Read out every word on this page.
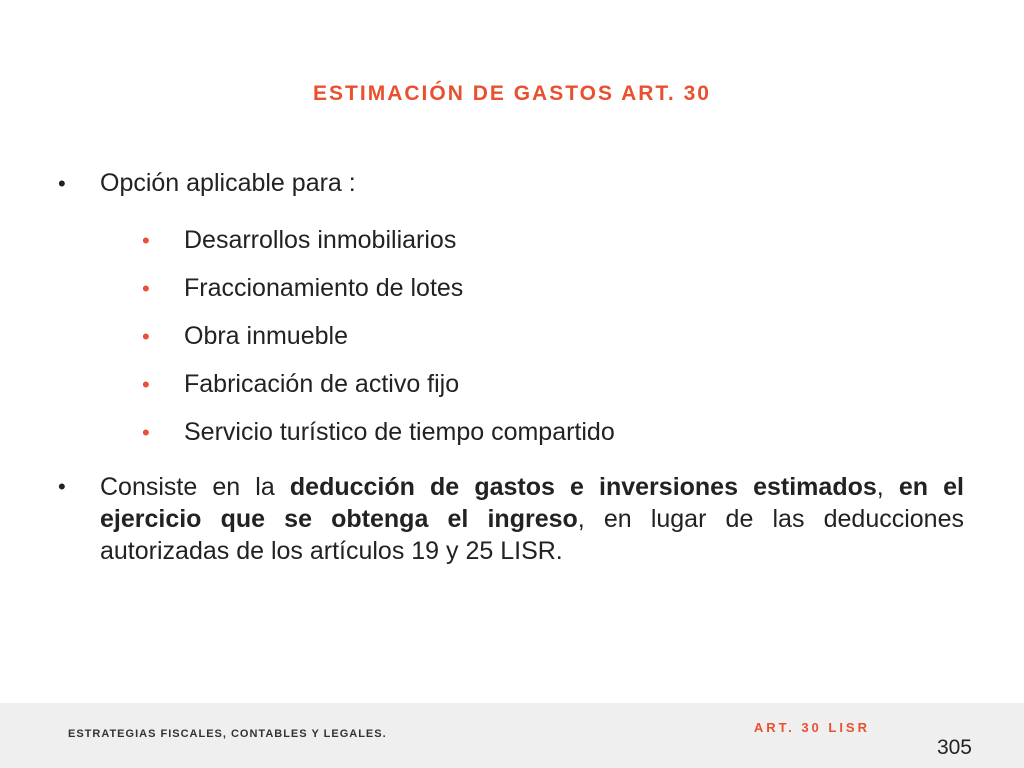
ESTIMACIÓN DE GASTOS ART. 30
•	Opción aplicable para :
•	Desarrollos inmobiliarios
•	Fraccionamiento de lotes
•	Obra inmueble
•	Fabricación de activo fijo
•	Servicio turístico de tiempo compartido
•	Consiste en la deducción de gastos e inversiones estimados, en el ejercicio que se obtenga el ingreso, en lugar de las deducciones autorizadas de los artículos 19 y 25 LISR.
ESTRATEGIAS FISCALES, CONTABLES Y LEGALES.	ART. 30 LISR
305
